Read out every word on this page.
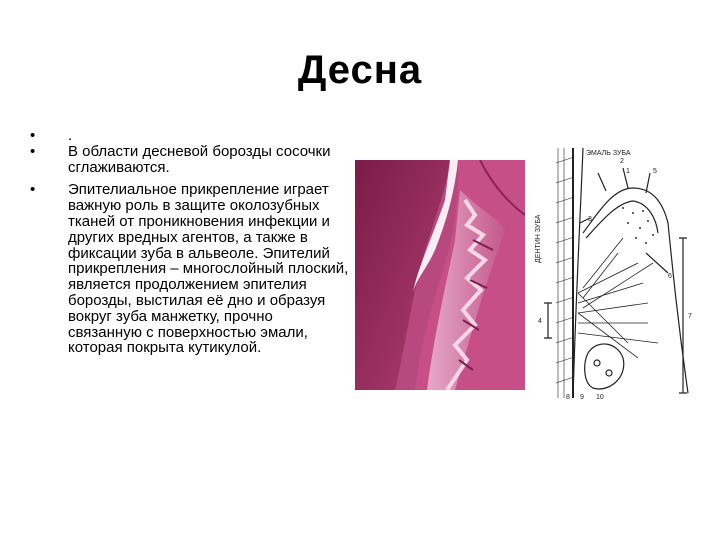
Десна
• .
• В области десневой борозды сосочки сглаживаются.
• Эпителиальное прикрепление играет важную роль в защите околозубных тканей от проникновения инфекции и других вредных агентов, а также в фиксации зуба в альвеоле. Эпителий прикрепления – многослойный плоский, является продолжением эпителия борозды, выстилая её дно и образуя вокруг зуба манжетку, прочно связанную с поверхностью эмали, которая покрыта кутикулой.
ЭМАЛЬ ЗУБА
ДЕНТИН ЗУБА
1
2
3
4
5
6
7
8 9 10
